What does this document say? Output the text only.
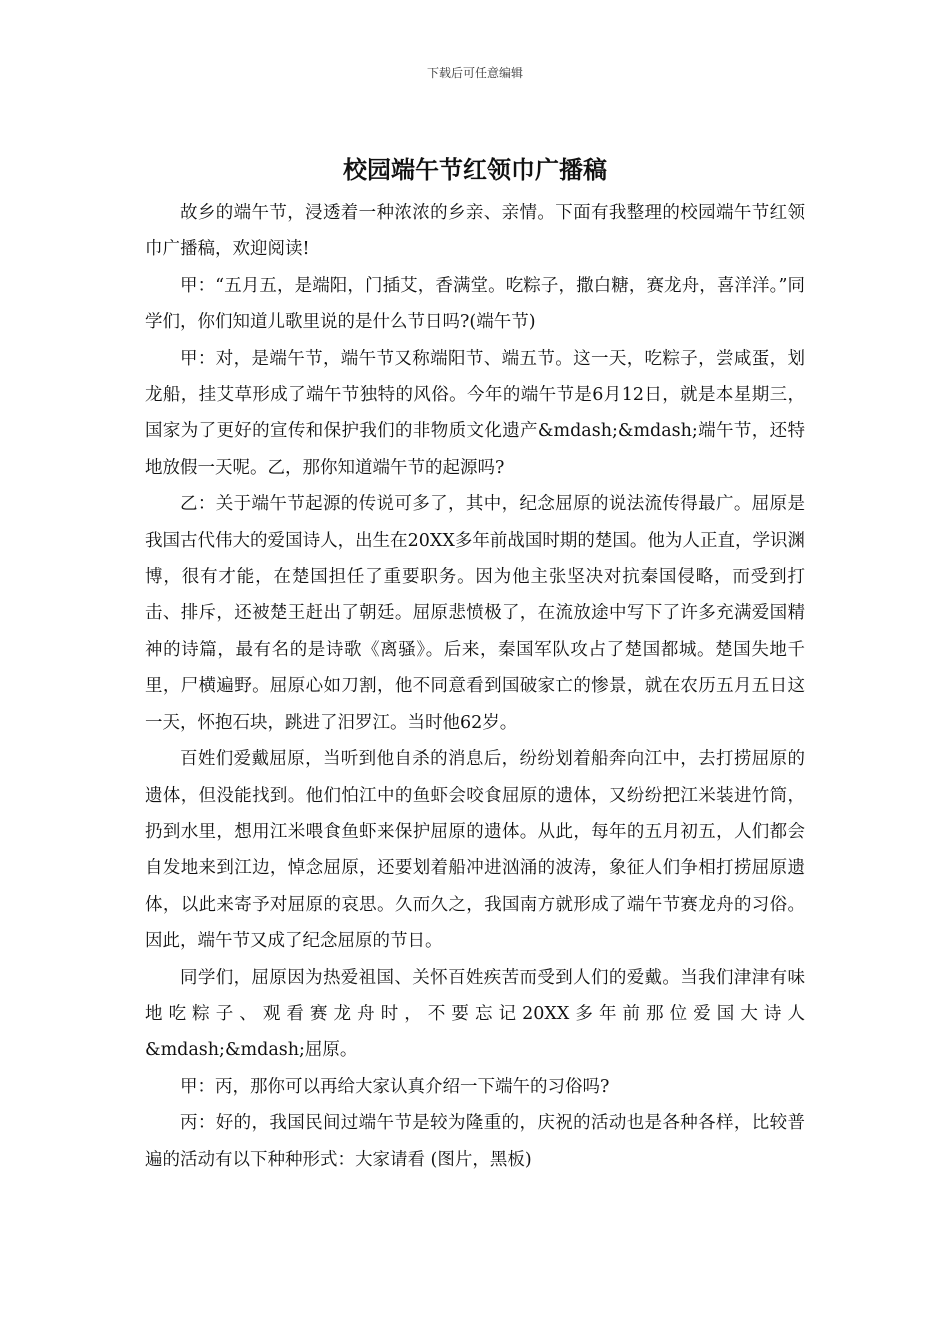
下载后可任意编辑
校园端午节红领巾广播稿

故乡的端午节，浸透着一种浓浓的乡亲、亲情。下面有我整理的校园端午节红领巾广播稿，欢迎阅读!

甲：“五月五，是端阳，门插艾，香满堂。吃粽子，撒白糖，赛龙舟，喜洋洋。”同学们，你们知道儿歌里说的是什么节日吗?(端午节)

甲：对，是端午节，端午节又称端阳节、端五节。这一天，吃粽子，尝咸蛋，划龙船，挂艾草形成了端午节独特的风俗。今年的端午节是6月12日，就是本星期三，国家为了更好的宣传和保护我们的非物质文化遗产&mdash;&mdash;端午节，还特地放假一天呢。乙，那你知道端午节的起源吗?

乙：关于端午节起源的传说可多了，其中，纪念屈原的说法流传得最广。屈原是我国古代伟大的爱国诗人，出生在20XX多年前战国时期的楚国。他为人正直，学识渊博，很有才能，在楚国担任了重要职务。因为他主张坚决对抗秦国侵略，而受到打击、排斥，还被楚王赶出了朝廷。屈原悲愤极了，在流放途中写下了许多充满爱国精神的诗篇，最有名的是诗歌《离骚》。后来，秦国军队攻占了楚国都城。楚国失地千里，尸横遍野。屈原心如刀割，他不同意看到国破家亡的惨景，就在农历五月五日这一天，怀抱石块，跳进了汨罗江。当时他62岁。

百姓们爱戴屈原，当听到他自杀的消息后，纷纷划着船奔向江中，去打捞屈原的遗体，但没能找到。他们怕江中的鱼虾会咬食屈原的遗体，又纷纷把江米装进竹筒，扔到水里，想用江米喂食鱼虾来保护屈原的遗体。从此，每年的五月初五，人们都会自发地来到江边，悼念屈原，还要划着船冲进汹涌的波涛，象征人们争相打捞屈原遗体，以此来寄予对屈原的哀思。久而久之，我国南方就形成了端午节赛龙舟的习俗。因此，端午节又成了纪念屈原的节日。

同学们，屈原因为热爱祖国、关怀百姓疾苦而受到人们的爱戴。当我们津津有味地吃粽子、观看赛龙舟时，不要忘记20XX多年前那位爱国大诗人&mdash;&mdash;屈原。

甲：丙，那你可以再给大家认真介绍一下端午的习俗吗?

丙：好的，我国民间过端午节是较为隆重的，庆祝的活动也是各种各样，比较普遍的活动有以下种种形式：大家请看 (图片，黑板)
